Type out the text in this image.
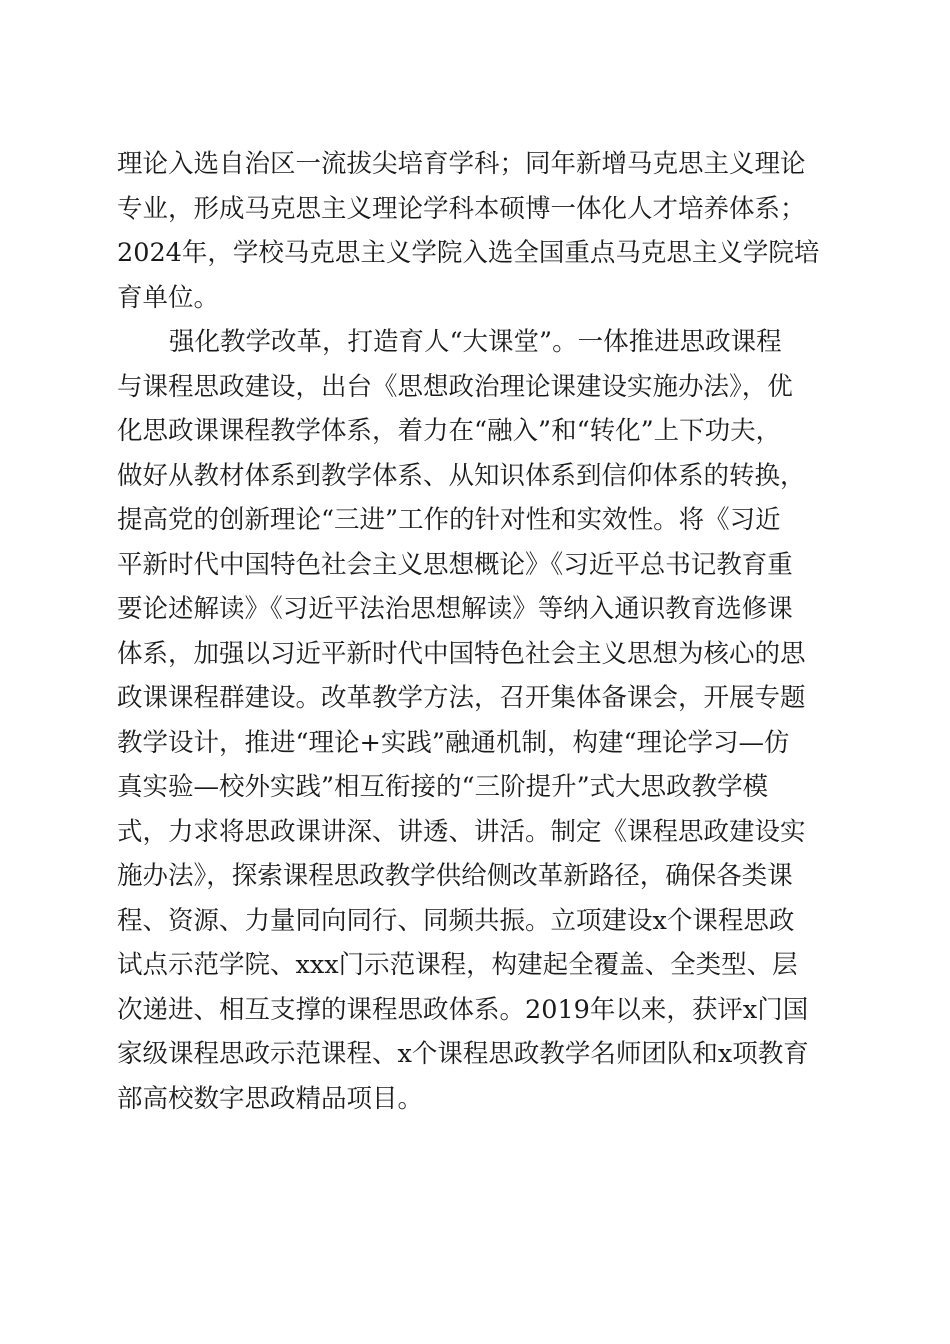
理论入选自治区一流拔尖培育学科；同年新增马克思主义理论
专业，形成马克思主义理论学科本硕博一体化人才培养体系；
2024年，学校马克思主义学院入选全国重点马克思主义学院培
育单位。
强化教学改革，打造育人“大课堂”。一体推进思政课程
与课程思政建设，出台《思想政治理论课建设实施办法》，优
化思政课课程教学体系，着力在“融入”和“转化”上下功夫，
做好从教材体系到教学体系、从知识体系到信仰体系的转换，
提高党的创新理论“三进”工作的针对性和实效性。将《习近
平新时代中国特色社会主义思想概论》《习近平总书记教育重
要论述解读》《习近平法治思想解读》等纳入通识教育选修课
体系，加强以习近平新时代中国特色社会主义思想为核心的思
政课课程群建设。改革教学方法，召开集体备课会，开展专题
教学设计，推进“理论+实践”融通机制，构建“理论学习—仿
真实验—校外实践”相互衔接的“三阶提升”式大思政教学模
式，力求将思政课讲深、讲透、讲活。制定《课程思政建设实
施办法》，探索课程思政教学供给侧改革新路径，确保各类课
程、资源、力量同向同行、同频共振。立项建设x个课程思政
试点示范学院、xxx门示范课程，构建起全覆盖、全类型、层
次递进、相互支撑的课程思政体系。2019年以来，获评x门国
家级课程思政示范课程、x个课程思政教学名师团队和x项教育
部高校数字思政精品项目。
